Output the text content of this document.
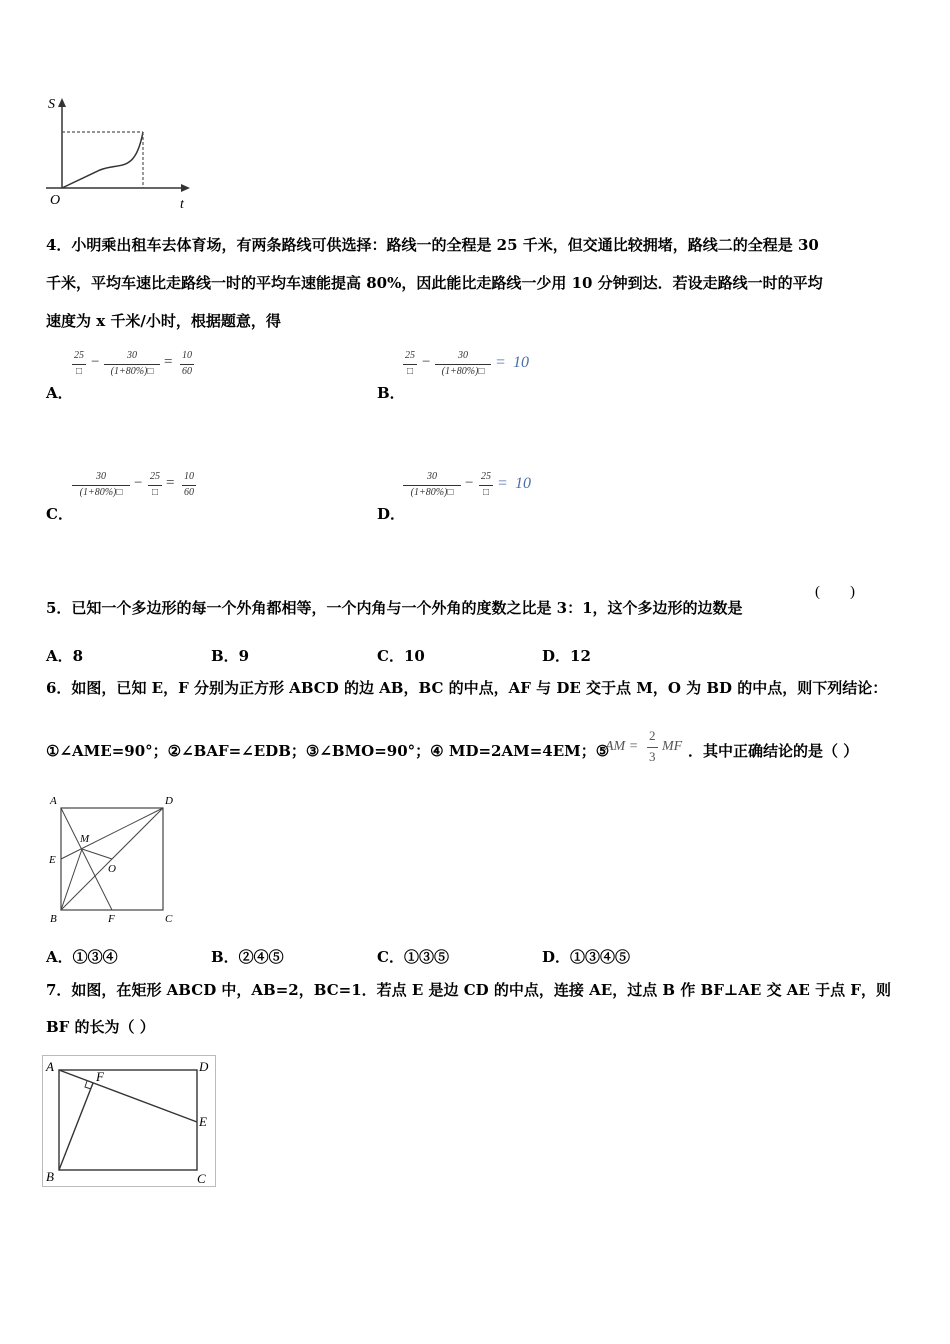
S
O	t
4．小明乘出租车去体育场，有两条路线可供选择：路线一的全程是 25 千米，但交通比较拥堵，路线二的全程是 30
千米，平均车速比走路线一时的平均车速能提高 80%，因此能比走路线一少用 10 分钟到达．若设走路线一时的平均
速度为 x 千米/小时，根据题意，得
A．
25
□
−	30
(1+80%)□
= 10
60
B．
25
□
−	30
(1+80%)□
= 10
C．
30
(1+80%)□
− 25
□
= 10
60
D．
30
(1+80%)□
− 25
□
= 10
5．已知一个多边形的每一个外角都相等，一个内角与一个外角的度数之比是 3：1，这个多边形的边数是
(        )
A．8	B．9	C．10	D．12
6．如图，已知 E，F 分别为正方形 ABCD 的边 AB，BC 的中点，AF 与 DE 交于点 M，O 为 BD 的中点，则下列结论：
①∠AME=90°；②∠BAF=∠EDB；③∠BMO=90°；④ MD=2AM=4EM；⑤
AM =
2
3
MF ．其中正确结论的是（ ）
A	D
M
E
O
B	F	C
A．①③④	B．②④⑤	C．①③⑤	D．①③④⑤
7．如图，在矩形 ABCD 中，AB=2，BC=1．若点 E 是边 CD 的中点，连接 AE，过点 B 作 BF⊥AE 交 AE 于点 F，则
BF 的长为（ ）
A	D
F
E
B	C
